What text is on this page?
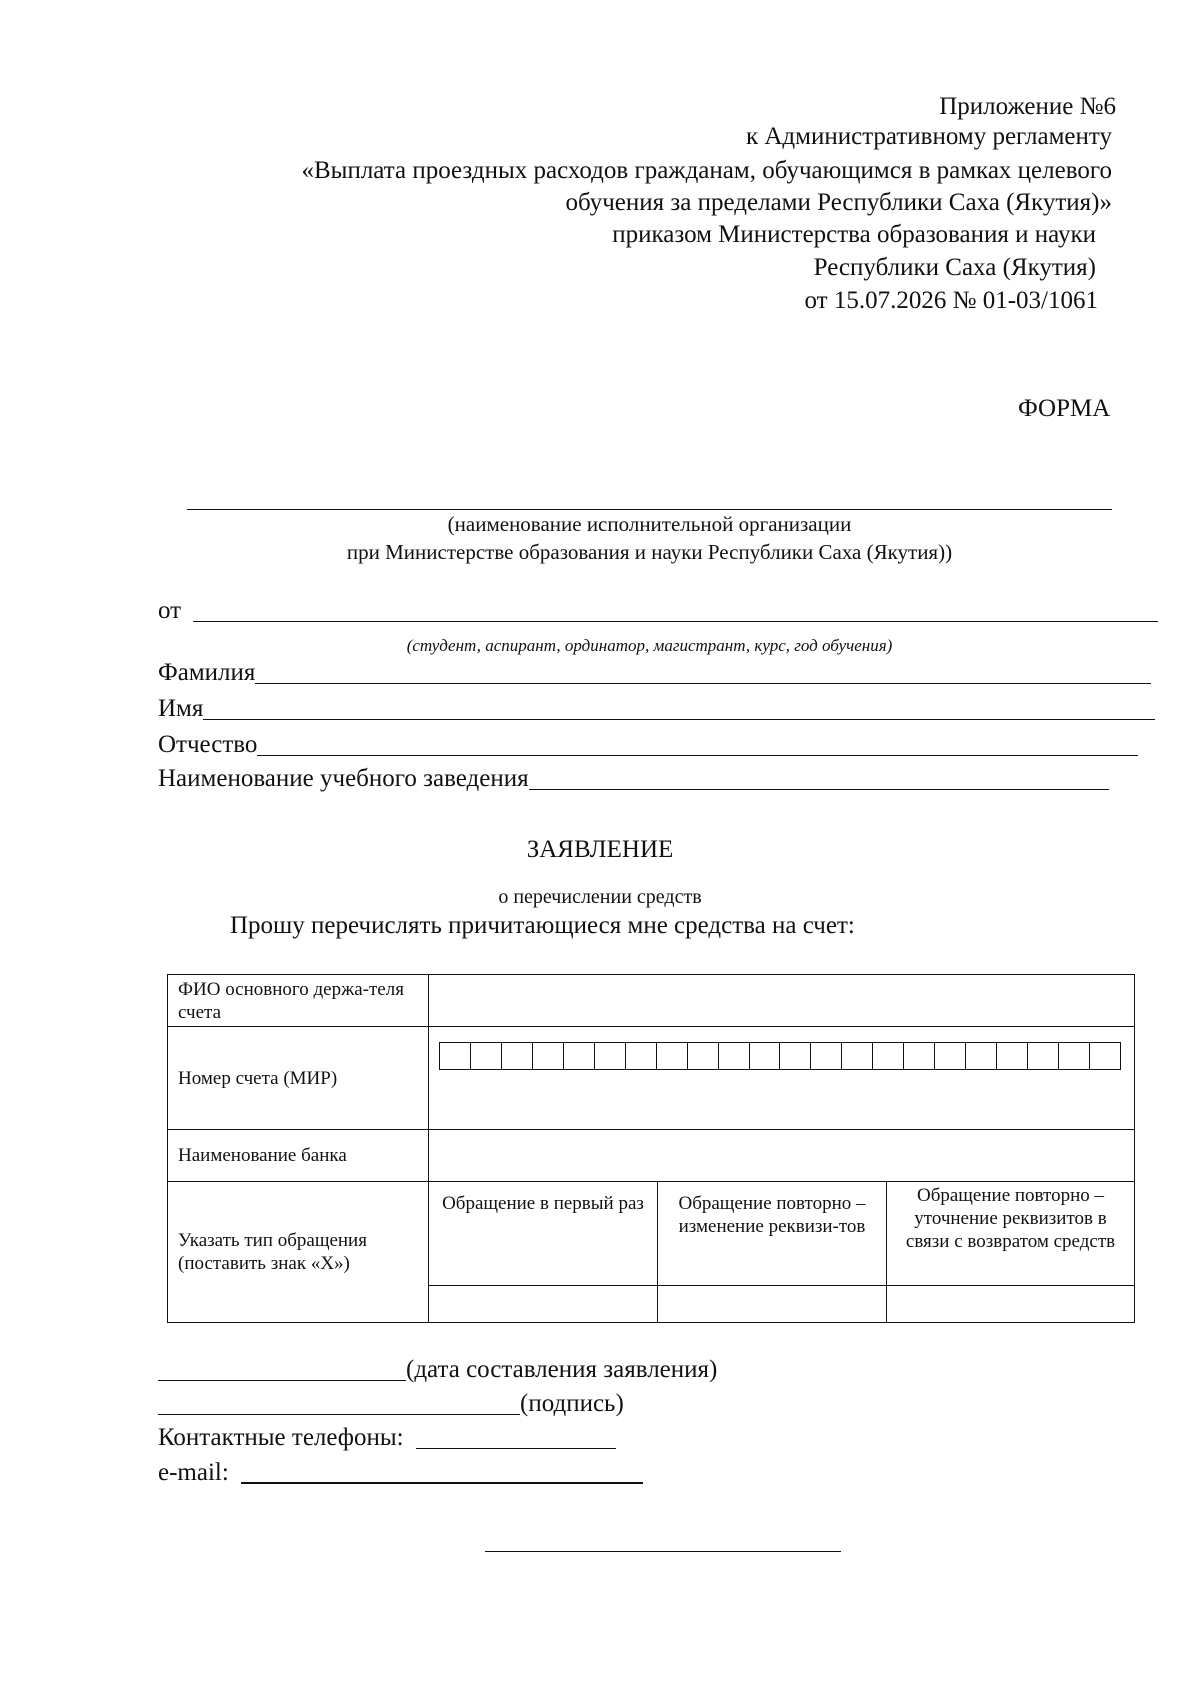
Приложение №6
к Административному регламенту
«Выплата проездных расходов гражданам, обучающимся в рамках целевого
обучения за пределами Республики Саха (Якутия)»
приказом Министерства образования и науки
Республики Саха (Якутия)
от 15.07.2026 № 01-03/1061
ФОРМА
(наименование исполнительной организации
при Министерстве образования и науки Республики Саха (Якутия))
от
(студент, аспирант, ординатор, магистрант, курс, год обучения)
Фамилия
Имя
Отчество
Наименование учебного заведения
ЗАЯВЛЕНИЕ
о перечислении средств
Прошу перечислять причитающиеся мне средства на счет:
ФИО основного держа-теля счета			
Номер счета (МИР)			

Наименование банка			
Указать тип обращения (поставить знак «Х»)	Обращение в первый раз	Обращение повторно – изменение реквизи-тов	Обращение повторно – уточнение реквизитов в связи с возвратом средств

(дата составления заявления)
(подпись)
Контактные телефоны:
e-mail:
